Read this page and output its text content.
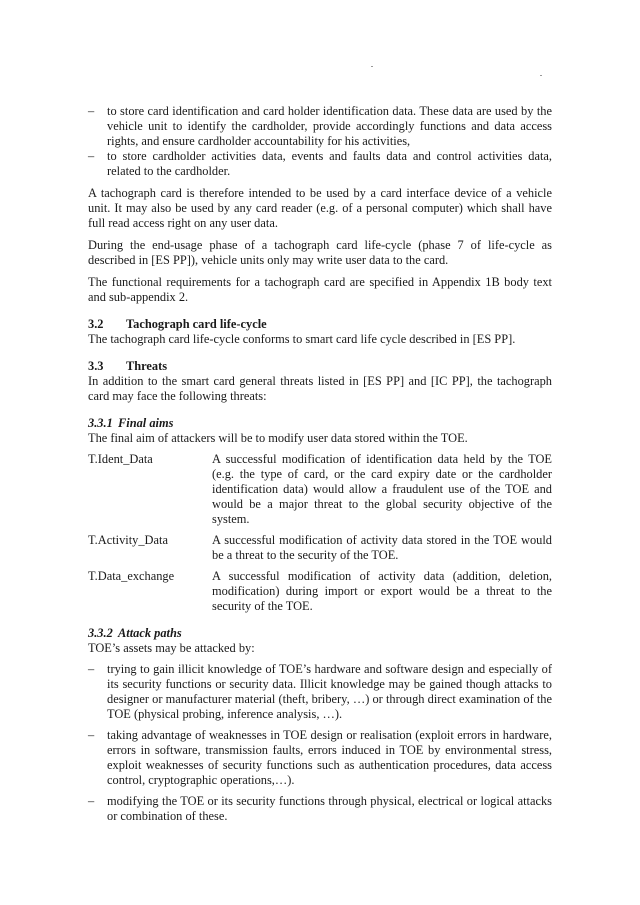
– to store card identification and card holder identification data. These data are used by the vehicle unit to identify the cardholder, provide accordingly functions and data access rights, and ensure cardholder accountability for his activities,
– to store cardholder activities data, events and faults data and control activities data, related to the cardholder.
A tachograph card is therefore intended to be used by a card interface device of a vehicle unit. It may also be used by any card reader (e.g. of a personal computer) which shall have full read access right on any user data.
During the end-usage phase of a tachograph card life-cycle (phase 7 of life-cycle as described in [ES PP]), vehicle units only may write user data to the card.
The functional requirements for a tachograph card are specified in Appendix 1B body text and sub-appendix 2.
3.2 Tachograph card life-cycle
The tachograph card life-cycle conforms to smart card life cycle described in [ES PP].
3.3 Threats
In addition to the smart card general threats listed in [ES PP] and [IC PP], the tachograph card may face the following threats:
3.3.1 Final aims
The final aim of attackers will be to modify user data stored within the TOE.
T.Ident_Data	A successful modification of identification data held by the TOE (e.g. the type of card, or the card expiry date or the cardholder identification data) would allow a fraudulent use of the TOE and would be a major threat to the global security objective of the system.
T.Activity_Data	A successful modification of activity data stored in the TOE would be a threat to the security of the TOE.
T.Data_exchange	A successful modification of activity data (addition, deletion, modification) during import or export would be a threat to the security of the TOE.
3.3.2 Attack paths
TOE’s assets may be attacked by:
– trying to gain illicit knowledge of TOE’s hardware and software design and especially of its security functions or security data. Illicit knowledge may be gained though attacks to designer or manufacturer material (theft, bribery, …) or through direct examination of the TOE (physical probing, inference analysis, …).
– taking advantage of weaknesses in TOE design or realisation (exploit errors in hardware, errors in software, transmission faults, errors induced in TOE by environmental stress, exploit weaknesses of security functions such as authentication procedures, data access control, cryptographic operations,…).
– modifying the TOE or its security functions through physical, electrical or logical attacks or combination of these.
